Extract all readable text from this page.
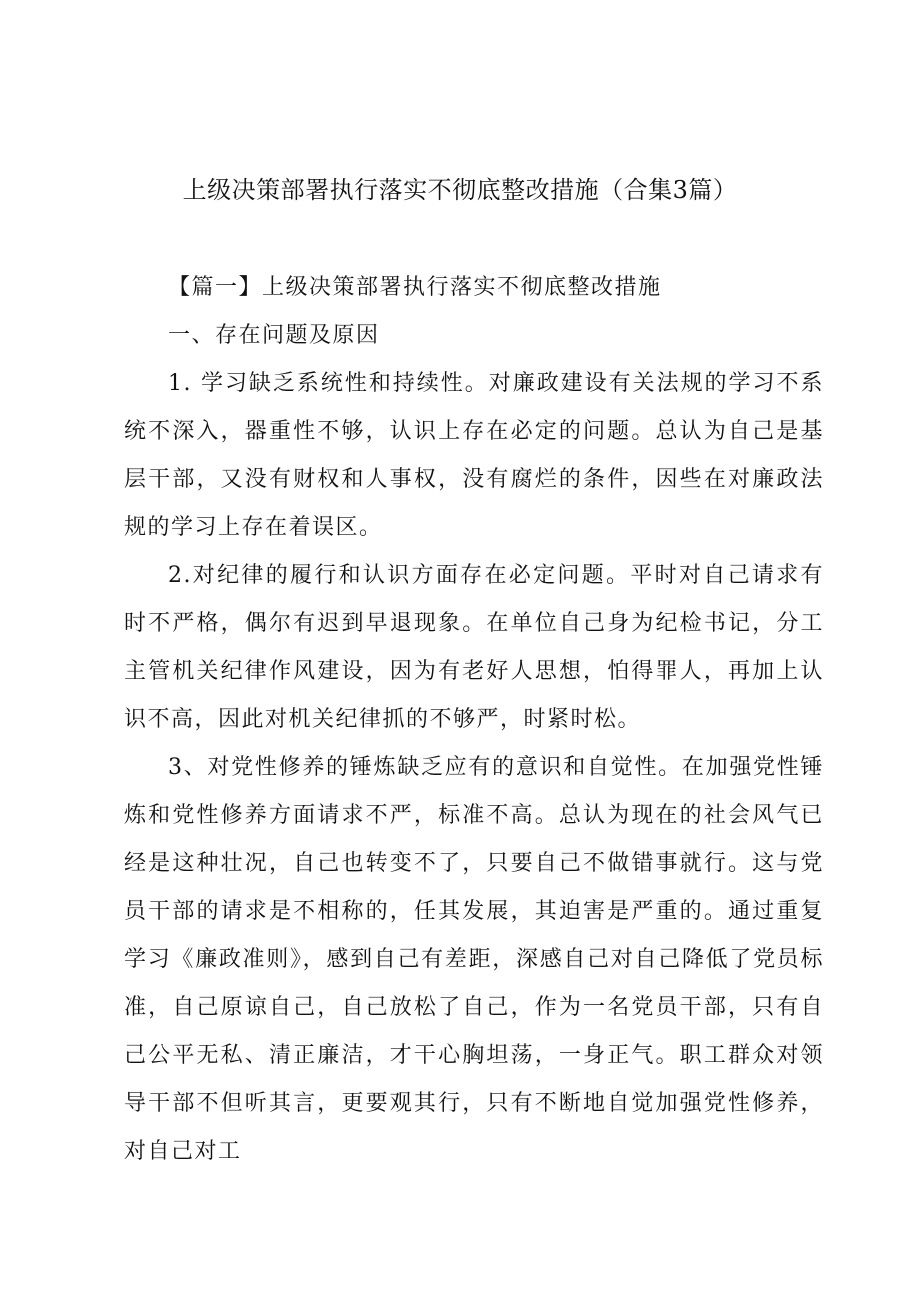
上级决策部署执行落实不彻底整改措施（合集3篇）

【篇一】上级决策部署执行落实不彻底整改措施

一、存在问题及原因

1. 学习缺乏系统性和持续性。对廉政建设有关法规的学习不系统不深入，器重性不够，认识上存在必定的问题。总认为自己是基层干部，又没有财权和人事权，没有腐烂的条件，因些在对廉政法规的学习上存在着误区。

2.对纪律的履行和认识方面存在必定问题。平时对自己请求有时不严格，偶尔有迟到早退现象。在单位自己身为纪检书记，分工主管机关纪律作风建设，因为有老好人思想，怕得罪人，再加上认识不高，因此对机关纪律抓的不够严，时紧时松。

3、对党性修养的锤炼缺乏应有的意识和自觉性。在加强党性锤炼和党性修养方面请求不严，标准不高。总认为现在的社会风气已经是这种壮况，自己也转变不了，只要自己不做错事就行。这与党员干部的请求是不相称的，任其发展，其迫害是严重的。通过重复学习《廉政准则》，感到自己有差距，深感自己对自己降低了党员标准，自己原谅自己，自己放松了自己，作为一名党员干部，只有自己公平无私、清正廉洁，才干心胸坦荡，一身正气。职工群众对领导干部不但听其言，更要观其行，只有不断地自觉加强党性修养，对自己对工
